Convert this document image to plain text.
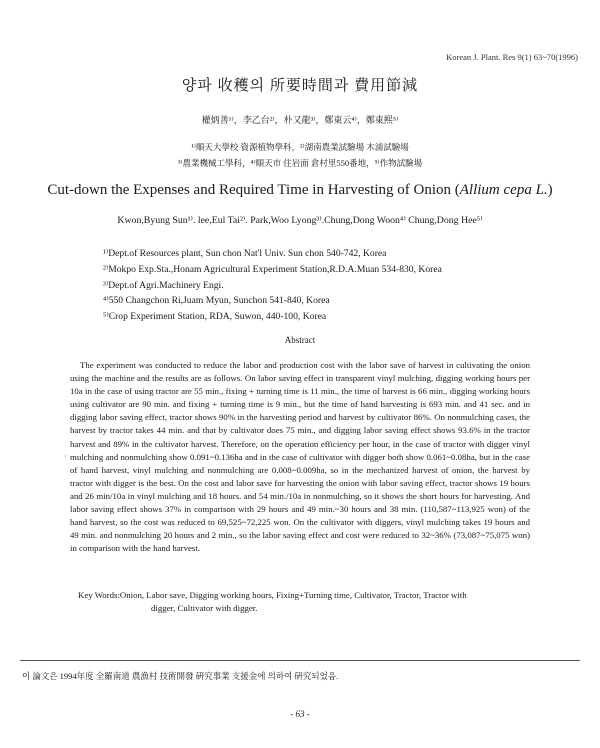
Korean J. Plant. Res 9(1) 63~70(1996)
양파 收穫의 所要時間과 費用節減
權炳善¹⁾，李乙台²⁾，朴又龍³⁾，鄭東云⁴⁾，鄭東熙⁵⁾
¹⁾順天大學校 資源植物學科，²⁾湖南農業試驗場 木浦試驗場
³⁾農業機械工學科，⁴⁾順天市 住岩面 倉村里550番地，⁵⁾作物試驗場
Cut-down the Expenses and Required Time in Harvesting of Onion (Allium cepa L.)
Kwon,Byung Sun¹⁾. lee,Eul Tai²⁾. Park,Woo Lyong³⁾.Chung,Dong Woon⁴⁾ Chung,Dong Hee⁵⁾
¹⁾Dept.of Resources plant, Sun chon Nat'l Univ. Sun chon 540-742, Korea
²⁾Mokpo Exp.Sta.,Honam Agricultural Experiment Station,R.D.A.Muan 534-830, Korea
³⁾Dept.of Agri.Machinery Engi.
⁴⁾550 Changchon Ri,Juam Myun, Sunchon 541-840, Korea
⁵⁾Crop Experiment Station, RDA, Suwon, 440-100, Korea
Abstract

The experiment was conducted to reduce the labor and production cost with the labor save of harvest in cultivating the onion using the machine and the results are as follows. On labor saving effect in transparent vinyl mulching, digging working hours per 10a in the case of using tractor are 55 min., fixing + turning time is 11 min., the time of harvest is 66 min., digging working hours using cultivator are 90 min. and fixing + turning time is 9 min., but the time of hand harvesting is 693 min. and 41 sec. and in digging labor saving effect, tractor shows 90% in the harvesting period and harvest by cultivator 86%. On nonmulching cases, the harvest by tractor takes 44 min. and that by cultivator does 75 min., and digging labor saving effect shows 93.6% in the tractor harvest and 89% in the cultivator harvest. Therefore, on the operation efficiency per hour, in the case of tractor with digger vinyl mulching and nonmulching show 0.091~0.136ha and in the case of cultivator with digger both show 0.061~0.08ha, but in the case of hand harvest, vinyl mulching and nonmulching are 0.008~0.009ha, so in the mechanized harvest of onion, the harvest by tractor with digger is the best. On the cost and labor save for harvesting the onion with labor saving effect, tractor shows 19 hours and 26 min/10a in vinyl mulching and 18 hours. and 54 min./10a in nonmulching, so it shows the short hours for harvesting. And labor saving effect shows 37% in comparison with 29 hours and 49 min.~30 hours and 38 min. (110,587~113,925 won) of the hand harvest, so the cost was reduced to 69,525~72,225 won. On the cultivator with diggers, vinyl mulching takes 19 hours and 49 min. and nonmulching 20 hours and 2 min., so the labor saving effect and cost were reduced to 32~36% (73,087~75,075 won) in comparison with the hand harvest.

·
Key Words:Onion, Labor save, Digging working hours, Fixing+Turning time, Cultivator, Tractor, Tractor with
digger, Cultivator with digger.
이 論文은 1994年度 全羅南道 農漁村 技術開發 硏究事業 支援金에 의하여 硏究되었음.
- 63 -
